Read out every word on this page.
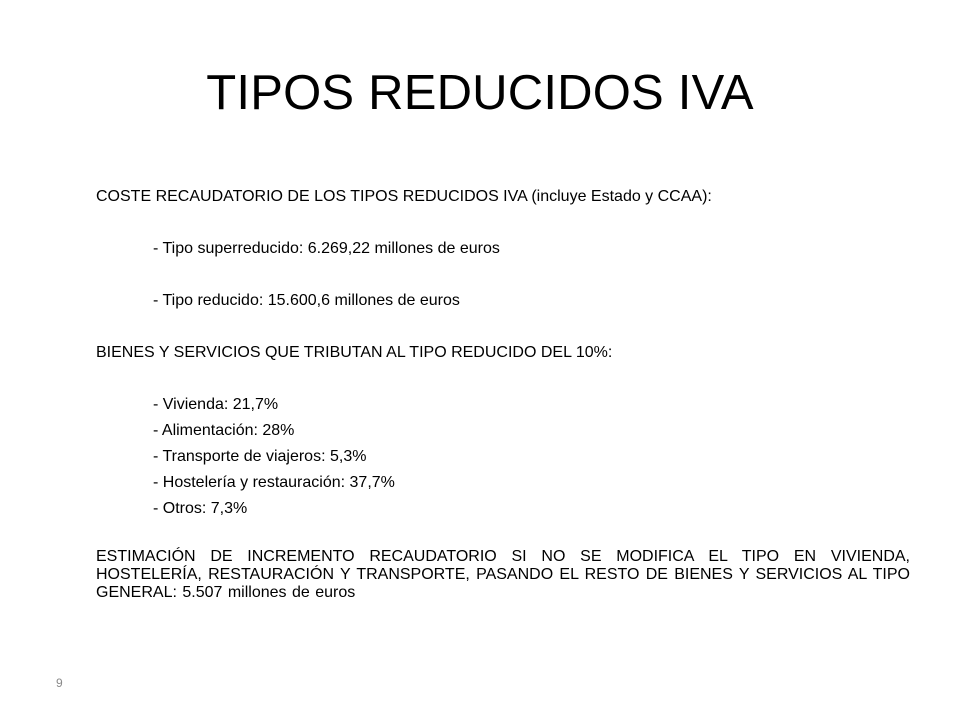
TIPOS REDUCIDOS IVA
COSTE RECAUDATORIO DE LOS TIPOS REDUCIDOS IVA (incluye Estado y CCAA):
- Tipo superreducido: 6.269,22 millones de euros
- Tipo reducido: 15.600,6 millones de euros
BIENES Y SERVICIOS QUE TRIBUTAN AL TIPO REDUCIDO DEL 10%:
- Vivienda: 21,7%
- Alimentación: 28%
- Transporte de viajeros: 5,3%
- Hostelería y restauración: 37,7%
- Otros: 7,3%
ESTIMACIÓN DE INCREMENTO RECAUDATORIO SI NO SE MODIFICA EL TIPO EN VIVIENDA, HOSTELERÍA, RESTAURACIÓN Y TRANSPORTE, PASANDO EL RESTO DE BIENES Y SERVICIOS AL TIPO GENERAL: 5.507 millones de euros
9
